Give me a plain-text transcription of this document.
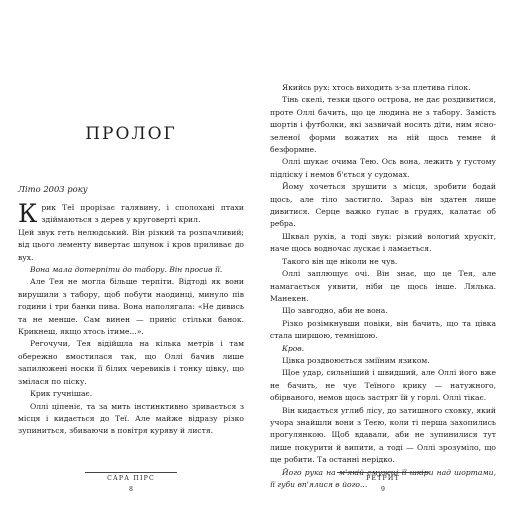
ПРОЛОГ
Літо 2003 року

Крик Теї прорізає галявину, і сполохані птахи здіймаються з дерев у круговерті крил.

Цей звук геть нелюдський. Він різкий та розпачливий; від цього лементу вивертає шлунок і кров приливає до вух.

Вона мала дотерпіти до табору. Він просив її.

Але Тея не могла більше терпіти. Відтоді як вони вирушили з табору, щоб побути наодинці, минуло пів години і три банки пива. Вона наполягала: «Не дивись та не менше. Сам винен — приніс стільки банок. Крикнеш, якщо хтось ітиме...».

Регочучи, Тея відійшла на кілька метрів і там обережно вмостилася так, що Оллі бачив лише запилюжені носки її білих черевиків і тонку цівку, що змілася по піску.

Крик гучнішає.

Оллі ціпеніє, та за мить інстинктивно зривається з місця і кидається до Теї. Але майже відразу різко зупиниться, збиваючи в повітря куряву й листя.

САРА ПІРС
8

Якийсь рух: хтось виходить з-за плетива гілок.

Тінь скелі, тезки цього острова, не дає роздивитися, проте Оллі бачить, що це людина не з табору. Замість шортів і футболки, які зазвичай носять діти, ним ясно-зеленої форми вожатих на ній щось темне й безформне.

Оллі шукає очима Тею. Ось вона, лежить у густому підліску і немов б'ється у судомах.

Йому хочеться зрушити з місця, зробити бодай щось, але тіло застигло. Зараз він здатен лише дивитися. Серце важко гупає в грудях, калатає об ребра.

Шквал рухів, а тоді звук: різкий вологий хрускіт, наче щось водночас лускає і ламається.

Такого він ще ніколи не чув.

Оллі заплющує очі. Він знає, що це Тея, але намагається уявити, ніби це щось інше. Лялька. Манекен.

Що завгодно, аби не вона.

Різко розімкнувши повіки, він бачить, що та цівка стала ширшою, темнішою.

Кров.

Цівка роздвоюється зміїним язиком.

Щое удар, сильніший і швидший, але Оллі його вже не бачить, не чує Теїного крику — натужного, обірваного, немов щось застряг їй у горлі. Оллі тікає.

Він кидається углиб лісу, до затишного сховку, який учора знайшли вони з Теєю, коли ті перша захопились прогулянкою. Щоб вдавали, аби не зупинилися тут лише покурити й випити, а тоді — Оллі зрозуміло, що ще робити. Та останні нерідко.

Його рука на м'якій смужці її шкіри над шортами, її губи вп'ялися в його...

РЕТРИТ
9
